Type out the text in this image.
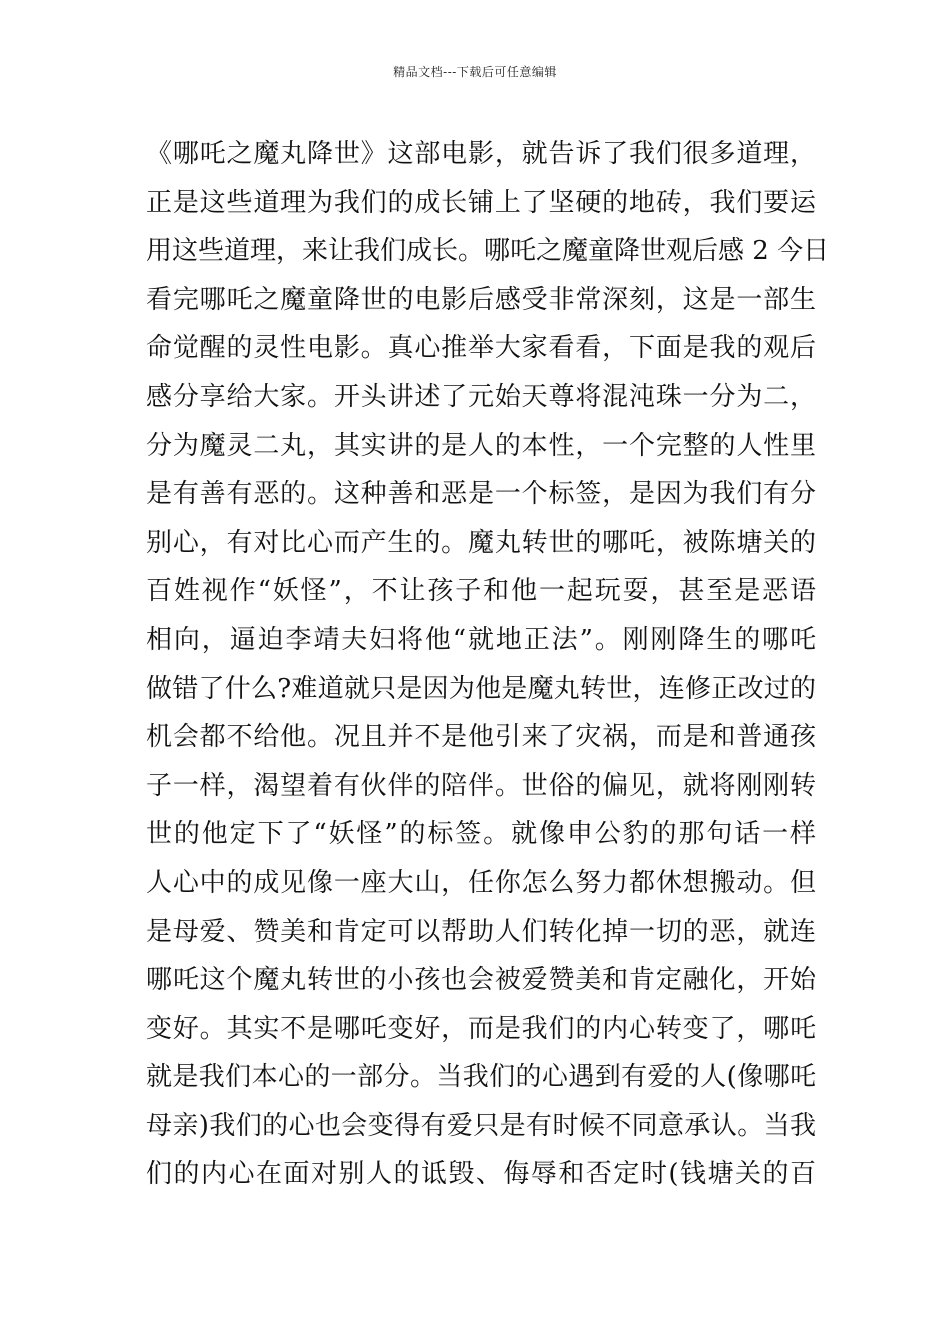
精品文档---下载后可任意编辑
《哪吒之魔丸降世》这部电影，就告诉了我们很多道理，
正是这些道理为我们的成长铺上了坚硬的地砖，我们要运
用这些道理，来让我们成长。哪吒之魔童降世观后感 2 今日
看完哪吒之魔童降世的电影后感受非常深刻，这是一部生
命觉醒的灵性电影。真心推举大家看看，下面是我的观后
感分享给大家。开头讲述了元始天尊将混沌珠一分为二，
分为魔灵二丸，其实讲的是人的本性，一个完整的人性里
是有善有恶的。这种善和恶是一个标签，是因为我们有分
别心，有对比心而产生的。魔丸转世的哪吒，被陈塘关的
百姓视作“妖怪”，不让孩子和他一起玩耍，甚至是恶语
相向，逼迫李靖夫妇将他“就地正法”。刚刚降生的哪吒
做错了什么?难道就只是因为他是魔丸转世，连修正改过的
机会都不给他。况且并不是他引来了灾祸，而是和普通孩
子一样，渴望着有伙伴的陪伴。世俗的偏见，就将刚刚转
世的他定下了“妖怪”的标签。就像申公豹的那句话一样
人心中的成见像一座大山，任你怎么努力都休想搬动。但
是母爱、赞美和肯定可以帮助人们转化掉一切的恶，就连
哪吒这个魔丸转世的小孩也会被爱赞美和肯定融化，开始
变好。其实不是哪吒变好，而是我们的内心转变了，哪吒
就是我们本心的一部分。当我们的心遇到有爱的人(像哪吒
母亲)我们的心也会变得有爱只是有时候不同意承认。当我
们的内心在面对别人的诋毁、侮辱和否定时(钱塘关的百
